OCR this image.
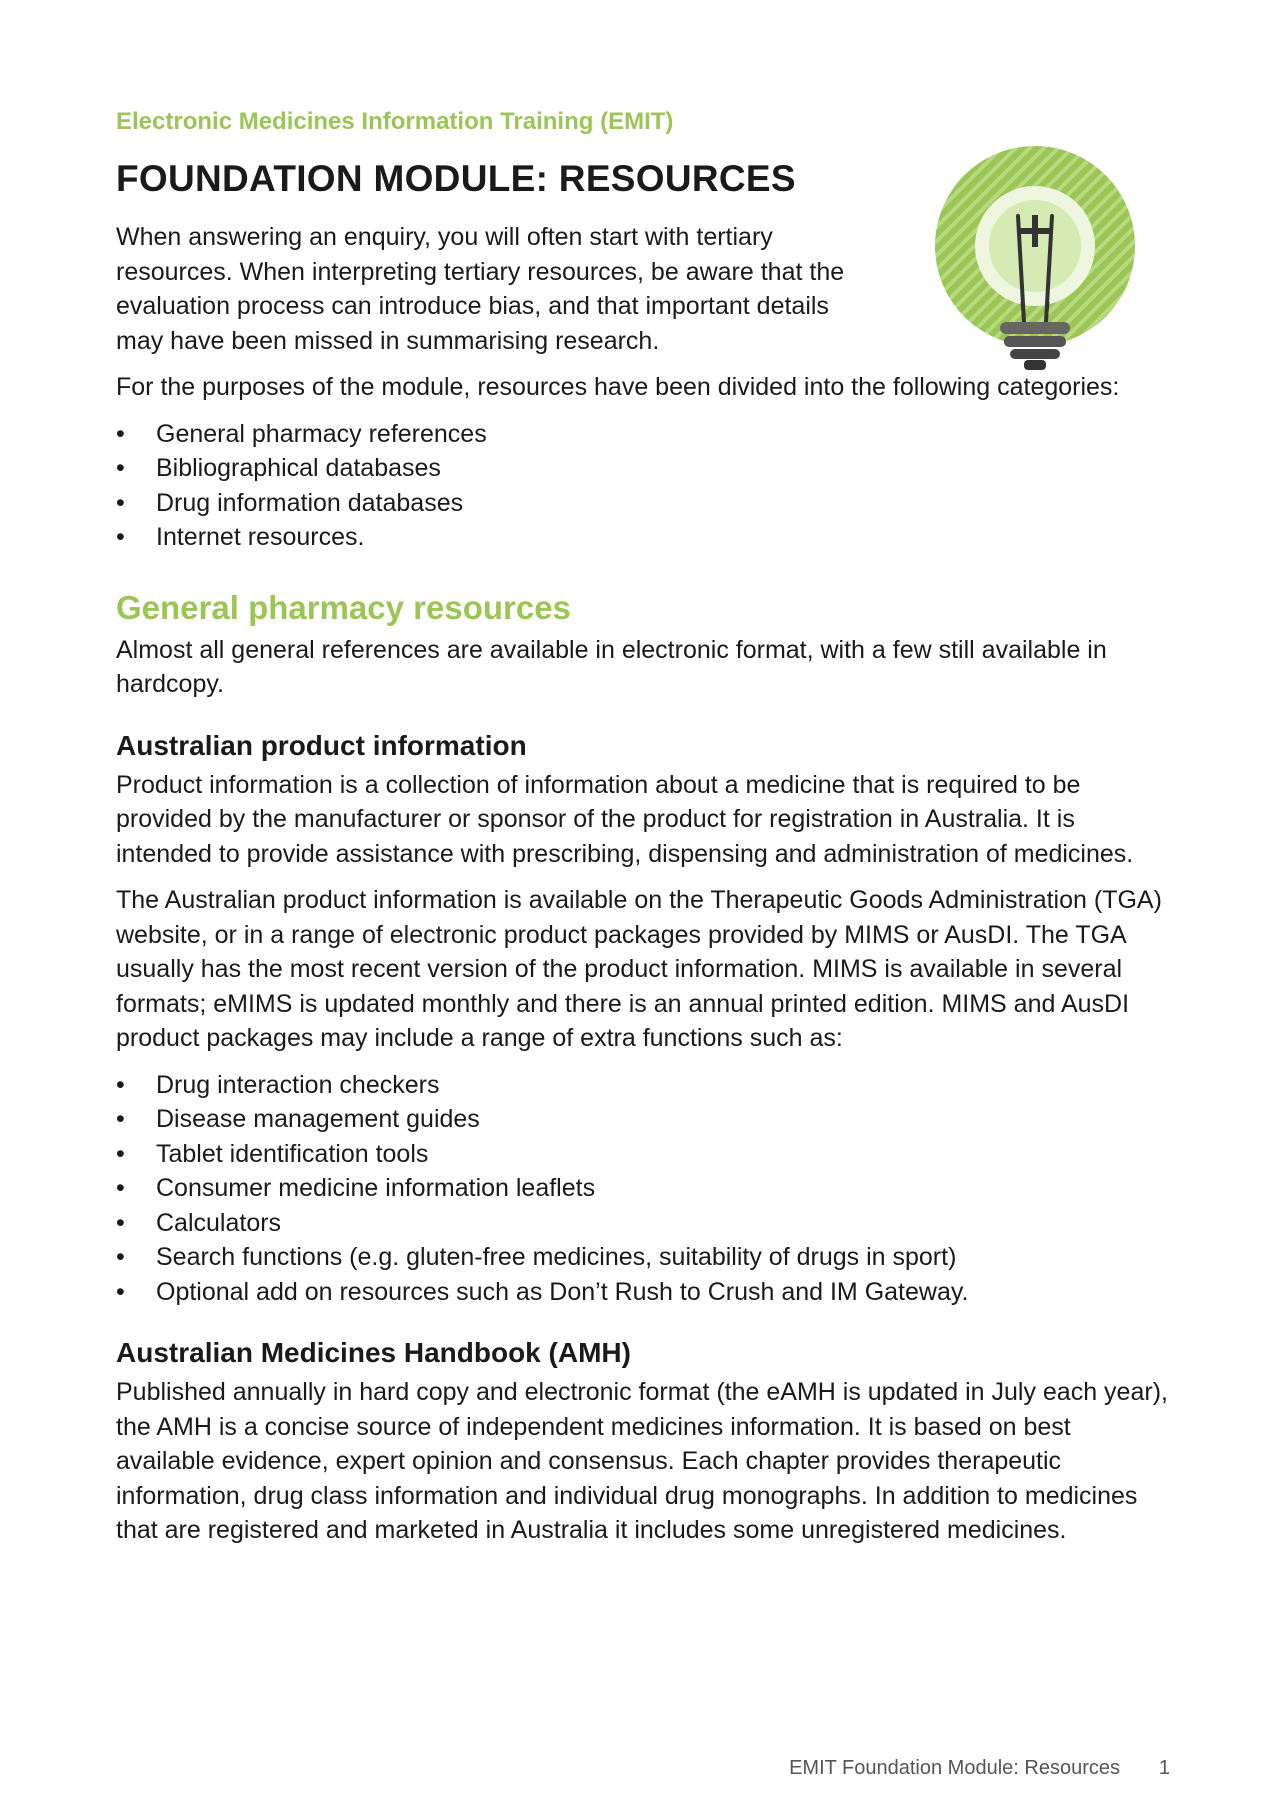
Electronic Medicines Information Training (EMIT)
FOUNDATION MODULE: RESOURCES

When answering an enquiry, you will often start with tertiary resources. When interpreting tertiary resources, be aware that the evaluation process can introduce bias, and that important details may have been missed in summarising research.

For the purposes of the module, resources have been divided into the following categories:

• General pharmacy references
• Bibliographical databases
• Drug information databases
• Internet resources.
General pharmacy resources

Almost all general references are available in electronic format, with a few still available in hardcopy.

Australian product information

Product information is a collection of information about a medicine that is required to be provided by the manufacturer or sponsor of the product for registration in Australia. It is intended to provide assistance with prescribing, dispensing and administration of medicines.

The Australian product information is available on the Therapeutic Goods Administration (TGA) website, or in a range of electronic product packages provided by MIMS or AusDI. The TGA usually has the most recent version of the product information. MIMS is available in several formats; eMIMS is updated monthly and there is an annual printed edition. MIMS and AusDI product packages may include a range of extra functions such as:

• Drug interaction checkers
• Disease management guides
• Tablet identification tools
• Consumer medicine information leaflets
• Calculators
• Search functions (e.g. gluten-free medicines, suitability of drugs in sport)
• Optional add on resources such as Don’t Rush to Crush and IM Gateway.
Australian Medicines Handbook (AMH)

Published annually in hard copy and electronic format (the eAMH is updated in July each year), the AMH is a concise source of independent medicines information. It is based on best available evidence, expert opinion and consensus. Each chapter provides therapeutic information, drug class information and individual drug monographs. In addition to medicines that are registered and marketed in Australia it includes some unregistered medicines.

EMIT Foundation Module: Resources 1
